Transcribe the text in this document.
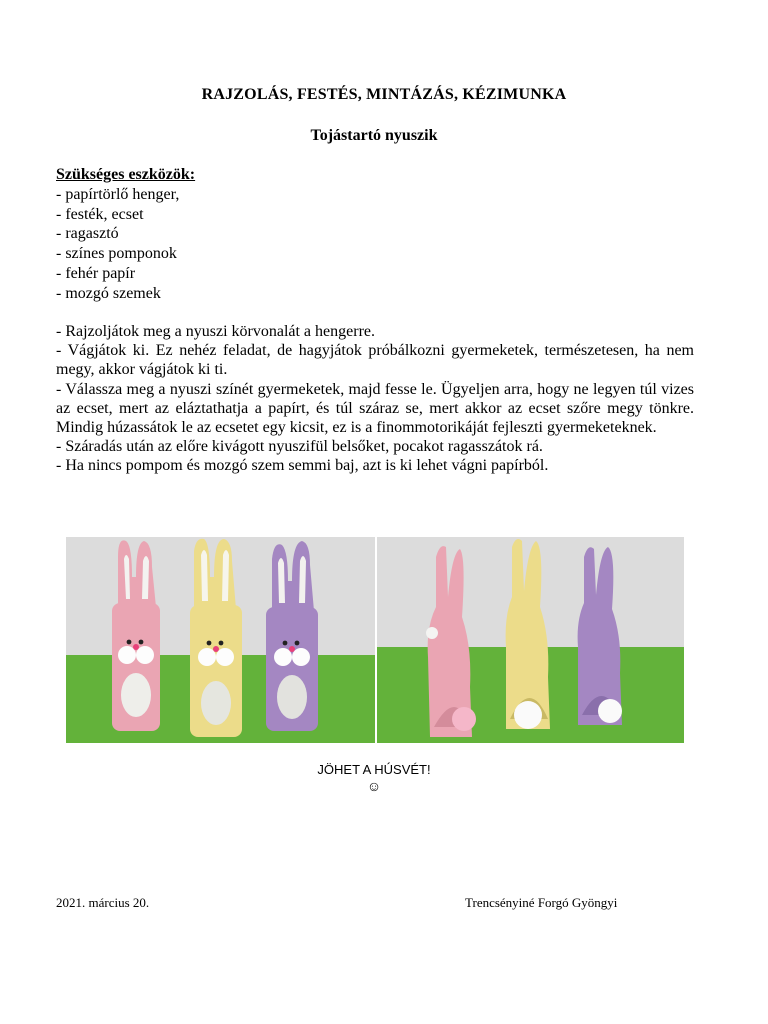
RAJZOLÁS, FESTÉS, MINTÁZÁS, KÉZIMUNKA
Tojástartó nyuszik
Szükséges eszközök:
- papírtörlő henger,
- festék, ecset
- ragasztó
- színes pomponok
- fehér papír
- mozgó szemek

- Rajzoljátok meg a nyuszi körvonalát a hengerre.

- Vágjátok ki. Ez nehéz feladat, de hagyjátok próbálkozni gyermeketek, természetesen, ha nem megy, akkor vágjátok ki ti.

- Válassza meg a nyuszi színét gyermeketek, majd fesse le. Ügyeljen arra, hogy ne legyen túl vizes az ecset, mert az eláztathatja a papírt, és túl száraz se, mert akkor az ecset szőre megy tönkre. Mindig húzassátok le az ecsetet egy kicsit, ez is a finommotorikáját fejleszti gyermeketeknek.

- Száradás után az előre kivágott nyuszifül belsőket, pocakot ragasszátok rá.

- Ha nincs pompom és mozgó szem semmi baj, azt is ki lehet vágni papírból.

JÖHET A HÚSVÉT!
☺
2021. március 20.	Trencsényiné Forgó Gyöngyi
